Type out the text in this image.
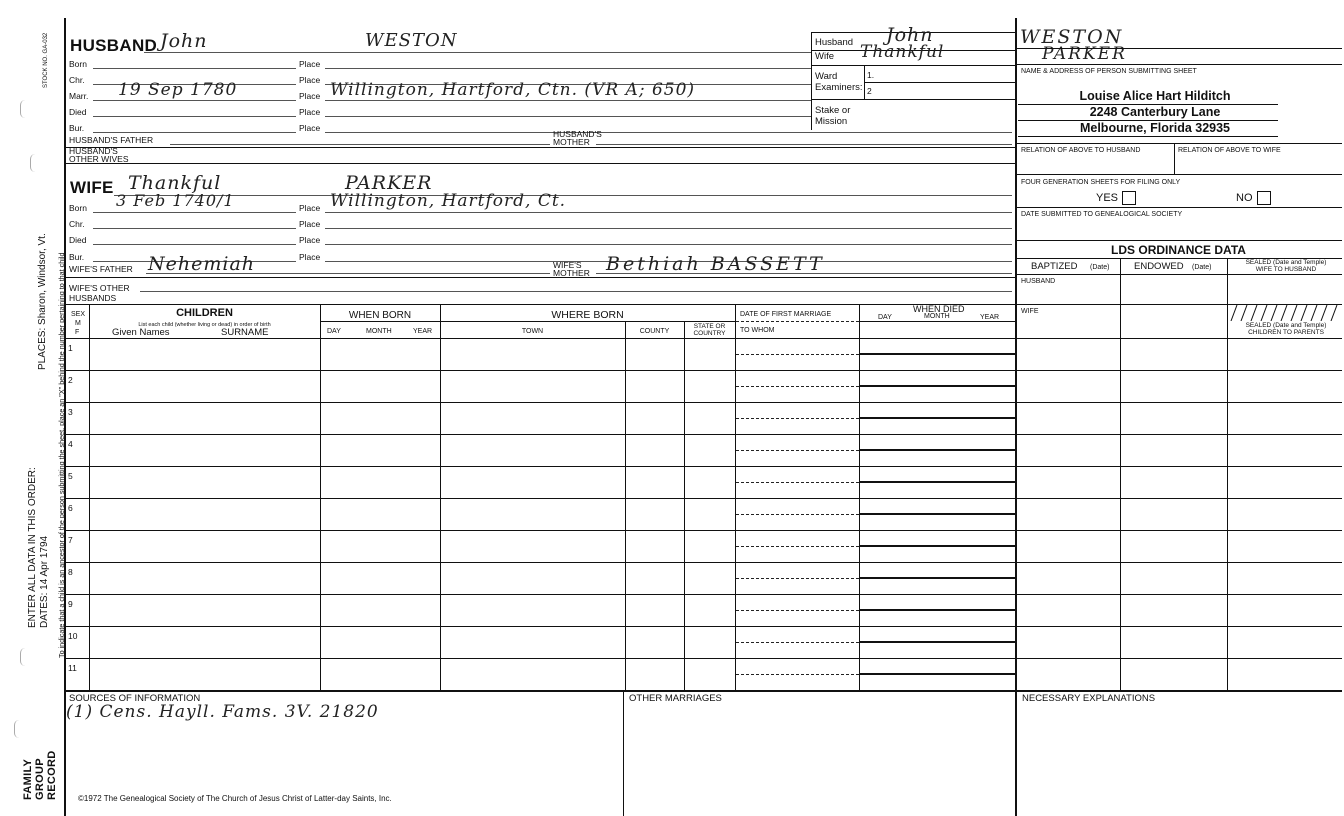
STOCK NO. GA-032
PLACES: Sharon, Windsor, Vt. To indicate that a child is an ancestor of the person submitting the sheet, place an "X" behind the number pertaining to that child
ENTER ALL DATA IN THIS ORDER: DATES: 14 Apr 1794
FAMILY GROUP RECORD
HUSBAND John	WESTON
Born	Place
Chr.	Place
Marr. 19 Sep 1780	Place Willington, Hartford, Ctn. (VR A; 650)
Died	Place
Bur.	Place
HUSBAND'S FATHER
HUSBAND'S
MOTHER
HUSBAND'S
OTHER WIVES
WIFE Thankful	PARKER
Born 3 Feb 1740/1	Place Willington, Hartford, Ct.
Chr.	Place
Died	Place
Bur.	Place
WIFE'S FATHER Nehemiah	WIFE'S
MOTHER Bethiah BASSETT
WIFE'S OTHER
HUSBANDS
Husband John
Wife Thankful
Ward
Examiners:
1.
2
Stake or
Mission
WESTON
PARKER
NAME & ADDRESS OF PERSON SUBMITTING SHEET
Louise Alice Hart Hilditch
2248 Canterbury Lane
Melbourne, Florida 32935
RELATION OF ABOVE TO HUSBAND	RELATION OF ABOVE TO WIFE
FOUR GENERATION SHEETS FOR FILING ONLY
YES	NO
DATE SUBMITTED TO GENEALOGICAL SOCIETY
LDS ORDINANCE DATA
BAPTIZED (Date)	ENDOWED (Date)
SEALED (Date and Temple)
WIFE TO HUSBAND
HUSBAND
WIFE
SEALED (Date and Temple)
CHILDREN TO PARENTS
SEX
M
F
CHILDREN
List each child (whether living or dead) in order of birth
Given Names	SURNAME
WHEN BORN
DAY	MONTH	YEAR
WHERE BORN
TOWN	COUNTY
STATE OR
COUNTRY
DATE OF FIRST MARRIAGE
TO WHOM
DAY
WHEN DIED
MONTH	YEAR
1
2
3
4
5
6
7
8
9
10
11
SOURCES OF INFORMATION
(1) Cens. Hayll. Fams. 3V. 21820
OTHER MARRIAGES	NECESSARY EXPLANATIONS
©1972 The Genealogical Society of The Church of Jesus Christ of Latter-day Saints, Inc.
